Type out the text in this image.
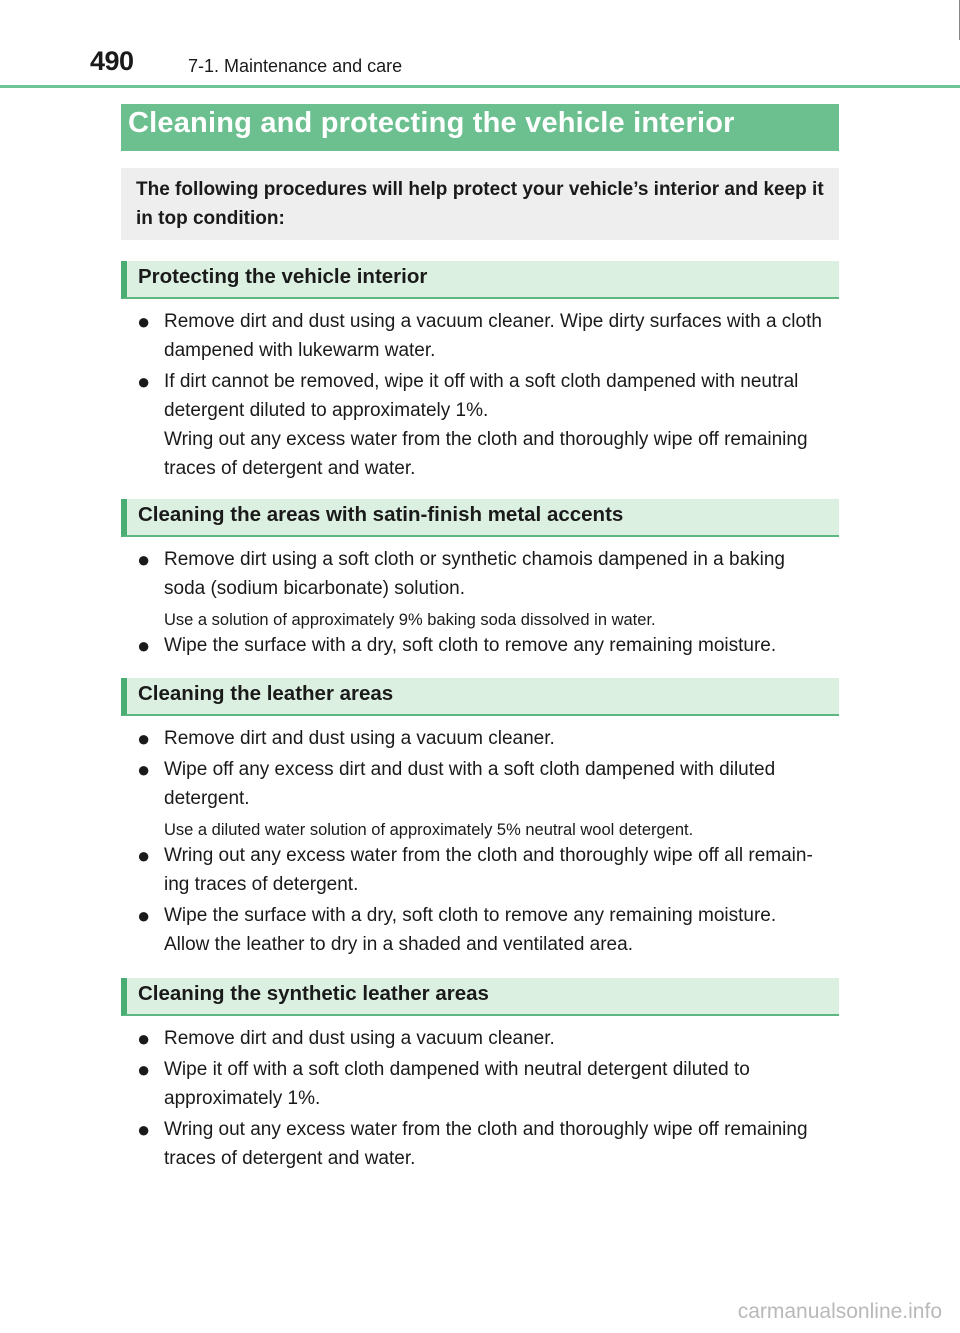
490	7-1. Maintenance and care
Cleaning and protecting the vehicle interior
The following procedures will help protect your vehicle’s interior and keep it
in top condition:
Protecting the vehicle interior
● Remove dirt and dust using a vacuum cleaner. Wipe dirty surfaces with a cloth
dampened with lukewarm water.
● If dirt cannot be removed, wipe it off with a soft cloth dampened with neutral
detergent diluted to approximately 1%.
Wring out any excess water from the cloth and thoroughly wipe off remaining
traces of detergent and water.
Cleaning the areas with satin-finish metal accents
● Remove dirt using a soft cloth or synthetic chamois dampened in a baking
soda (sodium bicarbonate) solution.
Use a solution of approximately 9% baking soda dissolved in water.
● Wipe the surface with a dry, soft cloth to remove any remaining moisture.
Cleaning the leather areas
● Remove dirt and dust using a vacuum cleaner.
● Wipe off any excess dirt and dust with a soft cloth dampened with diluted
detergent.
Use a diluted water solution of approximately 5% neutral wool detergent.
● Wring out any excess water from the cloth and thoroughly wipe off all remain-
ing traces of detergent.
● Wipe the surface with a dry, soft cloth to remove any remaining moisture.
Allow the leather to dry in a shaded and ventilated area.
Cleaning the synthetic leather areas
● Remove dirt and dust using a vacuum cleaner.
● Wipe it off with a soft cloth dampened with neutral detergent diluted to
approximately 1%.
● Wring out any excess water from the cloth and thoroughly wipe off remaining
traces of detergent and water.
carmanualsonline.info
